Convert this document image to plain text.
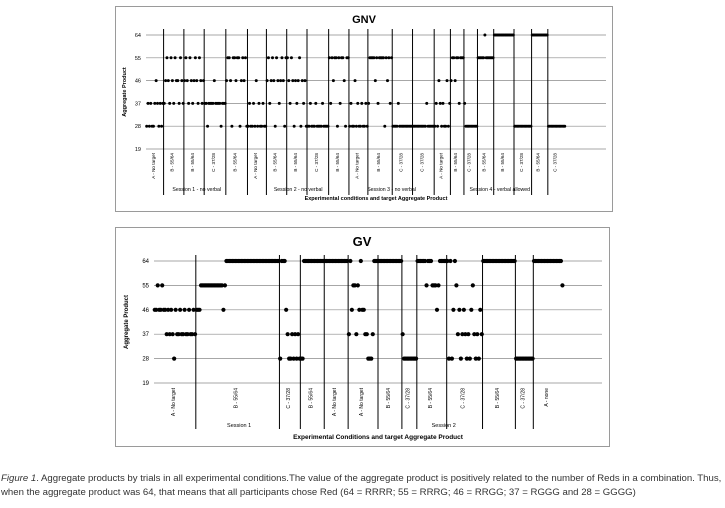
GNV
19
28
37
46
55
64
Aggregate Product
A - No target	B - 55/64	B - 55/64	C - 37/28	B - 55/64	A - No target	B - 55/64	B - 55/64	C - 37/28	B - 55/64	A - No target	B - 55/64	C - 37/28	C - 37/28	A - No target B - 55/64 C - 37/28 B - 55/64	B - 55/64	C - 37/28	B - 55/64	C - 37/28
Session 1 - no verbal	Session 2 - no verbal	Session 3 - no verbal	Session 4 - verbal allowed
Experimental conditions and target Aggregate Product
GV
19
28
37
46
55
64
Aggregate Product
A - No target	B - 55/64	C - 37/28	B - 55/64	A - No target	A - No target	B - 55/64	C - 37/28	B - 55/64	C - 37/28	B - 55/64	C - 37/28	A - none
Session 1	Session 2
Experimental Conditions and target Aggregate Product
Figure 1. Aggregate products by trials in all experimental conditions.The value of the aggregate product is positively related to the number of Reds in a combination. Thus, when the aggregate product was 64, that means that all participants chose Red (64 = RRRR; 55 = RRRG; 46 = RRGG; 37 = RGGG and 28 = GGGG)
